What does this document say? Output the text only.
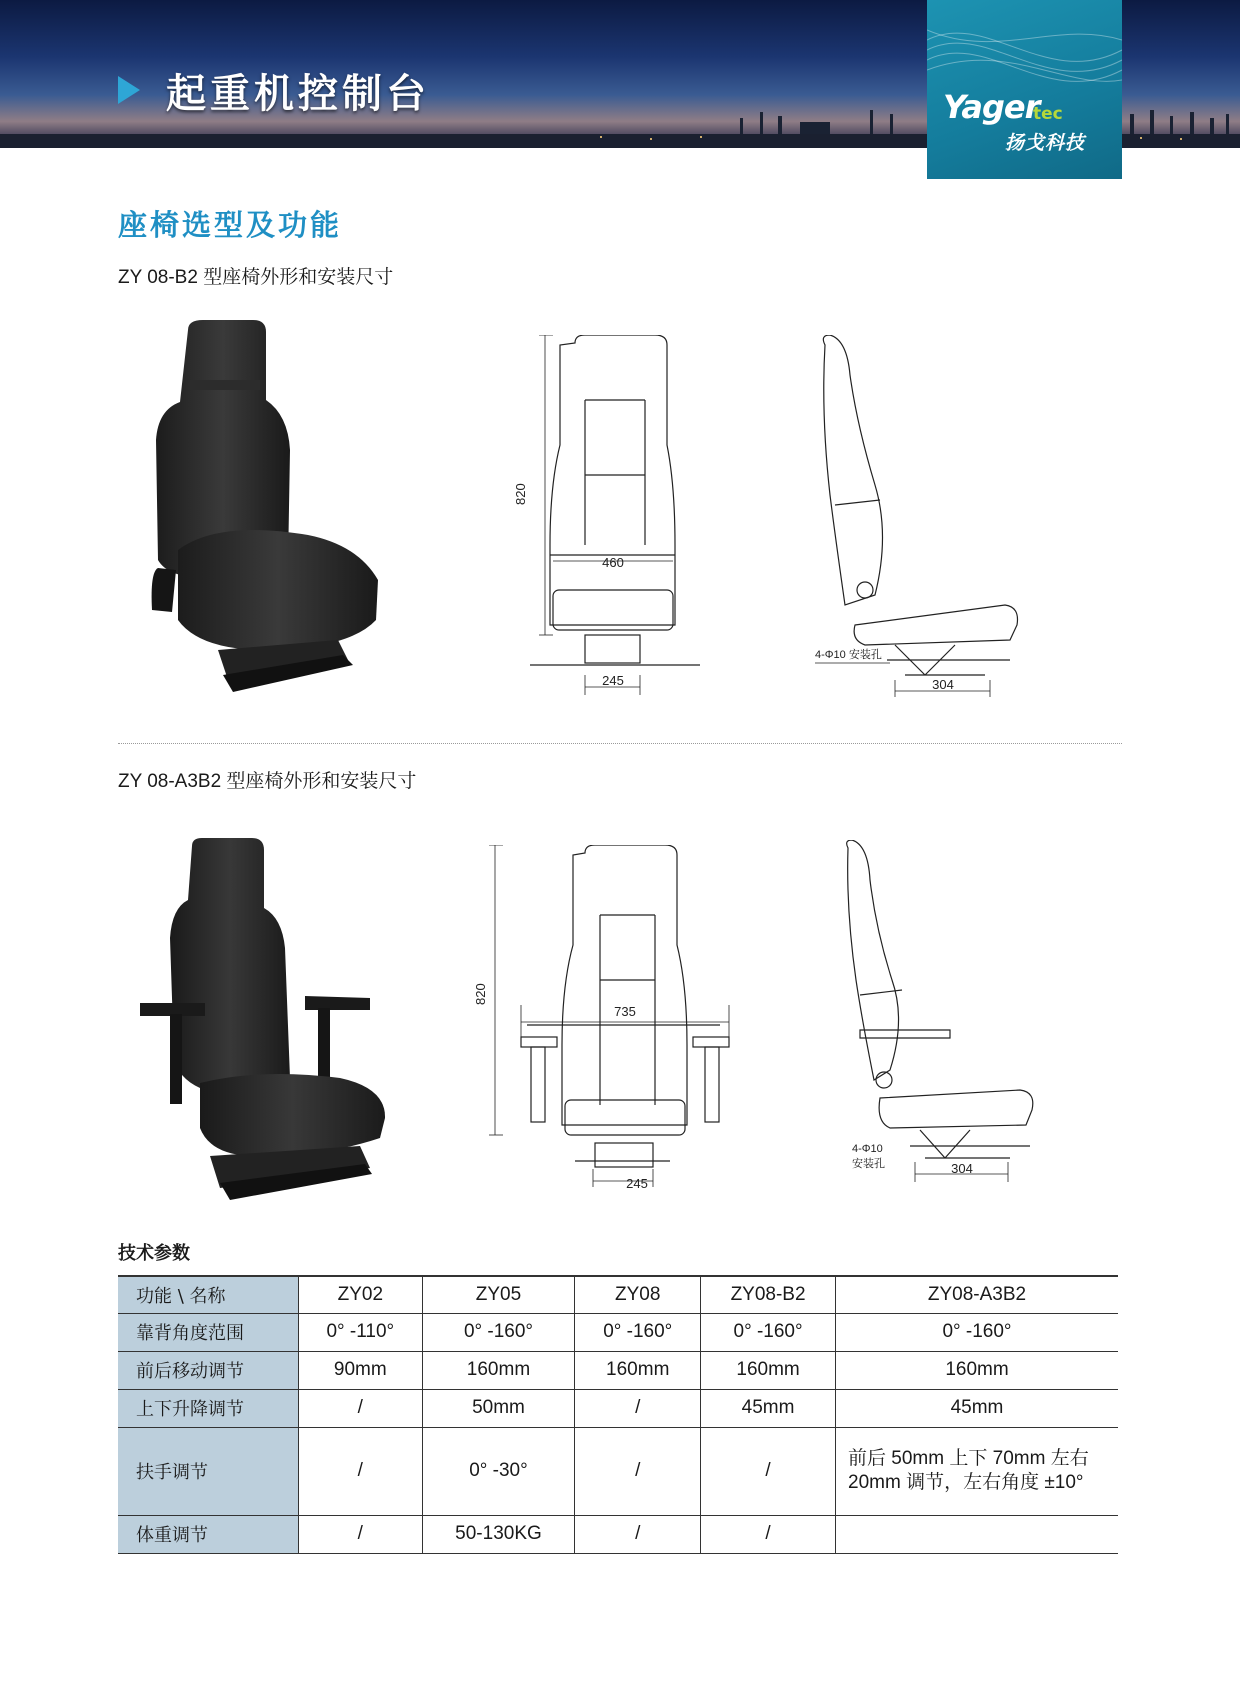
起重机控制台	Yager
tec
扬戈科技
座椅选型及功能
ZY 08-B2 型座椅外形和安装尺寸
820
460
245
4-Φ10 安装孔
304
ZY 08-A3B2 型座椅外形和安装尺寸
820
735
245
4-Φ10
安装孔	304
技术参数
功能 \ 名称	ZY02	ZY05	ZY08	ZY08-B2	ZY08-A3B2
靠背角度范围	0° -110°	0° -160°	0° -160°	0° -160°	0° -160°
前后移动调节	90mm	160mm	160mm	160mm	160mm
上下升降调节	/	50mm	/	45mm	45mm
扶手调节	/	0° -30°	/	/	前后 50mm 上下 70mm 左右 20mm 调节，左右角度 ±10°
体重调节	/	50-130KG	/	/	
